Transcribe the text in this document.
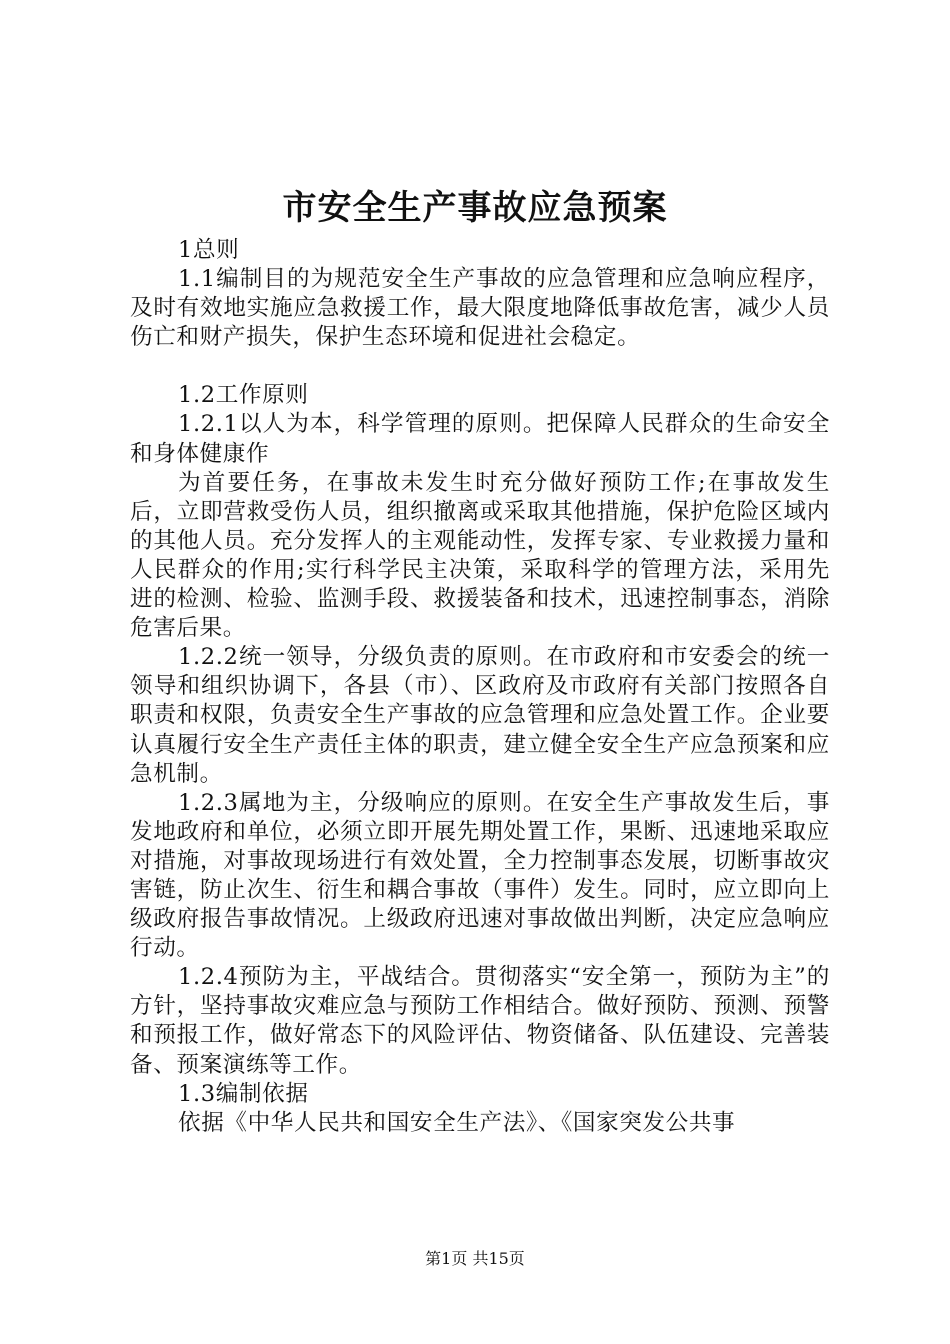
市安全生产事故应急预案

1总则

1.1编制目的为规范安全生产事故的应急管理和应急响应程序，及时有效地实施应急救援工作，最大限度地降低事故危害，减少人员伤亡和财产损失，保护生态环境和促进社会稳定。

1.2工作原则

1.2.1以人为本，科学管理的原则。把保障人民群众的生命安全和身体健康作

为首要任务，在事故未发生时充分做好预防工作;在事故发生后，立即营救受伤人员，组织撤离或采取其他措施，保护危险区域内的其他人员。充分发挥人的主观能动性，发挥专家、专业救援力量和人民群众的作用;实行科学民主决策，采取科学的管理方法，采用先进的检测、检验、监测手段、救援装备和技术，迅速控制事态，消除危害后果。

1.2.2统一领导，分级负责的原则。在市政府和市安委会的统一领导和组织协调下，各县（市）、区政府及市政府有关部门按照各自职责和权限，负责安全生产事故的应急管理和应急处置工作。企业要认真履行安全生产责任主体的职责，建立健全安全生产应急预案和应急机制。

1.2.3属地为主，分级响应的原则。在安全生产事故发生后，事发地政府和单位，必须立即开展先期处置工作，果断、迅速地采取应对措施，对事故现场进行有效处置，全力控制事态发展，切断事故灾害链，防止次生、衍生和耦合事故（事件）发生。同时，应立即向上级政府报告事故情况。上级政府迅速对事故做出判断，决定应急响应行动。

1.2.4预防为主，平战结合。贯彻落实“安全第一，预防为主”的方针，坚持事故灾难应急与预防工作相结合。做好预防、预测、预警和预报工作，做好常态下的风险评估、物资储备、队伍建设、完善装备、预案演练等工作。

1.3编制依据

依据《中华人民共和国安全生产法》、《国家突发公共事

第1页 共15页
